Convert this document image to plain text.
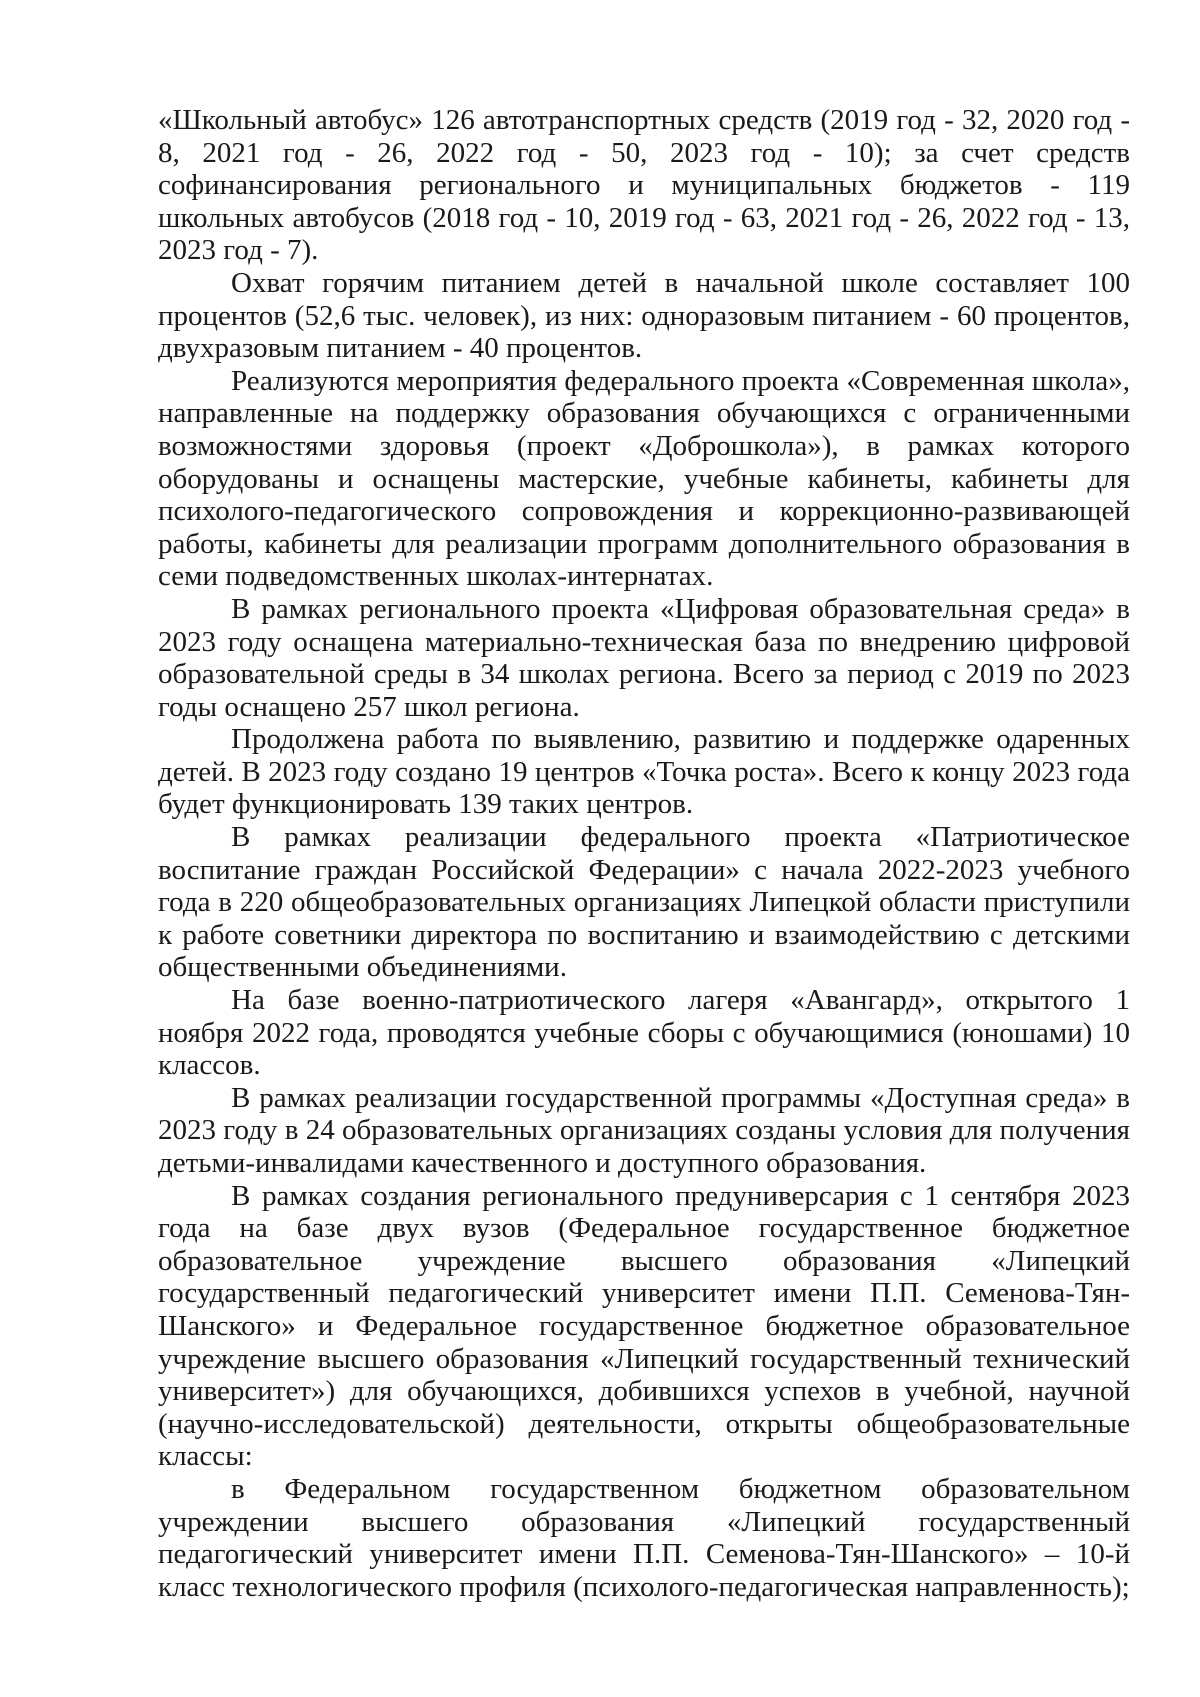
«Школьный автобус» 126 автотранспортных средств (2019 год - 32, 2020 год - 8, 2021 год - 26, 2022 год - 50, 2023 год - 10); за счет средств софинансирования регионального и муниципальных бюджетов - 119 школьных автобусов (2018 год - 10, 2019 год - 63, 2021 год - 26, 2022 год - 13, 2023 год - 7).

Охват горячим питанием детей в начальной школе составляет 100 процентов (52,6 тыс. человек), из них: одноразовым питанием - 60 процентов, двухразовым питанием - 40 процентов.

Реализуются мероприятия федерального проекта «Современная школа», направленные на поддержку образования обучающихся с ограниченными возможностями здоровья (проект «Доброшкола»), в рамках которого оборудованы и оснащены мастерские, учебные кабинеты, кабинеты для психолого-педагогического сопровождения и коррекционно-развивающей работы, кабинеты для реализации программ дополнительного образования в семи подведомственных школах-интернатах.

В рамках регионального проекта «Цифровая образовательная среда» в 2023 году оснащена материально-техническая база по внедрению цифровой образовательной среды в 34 школах региона. Всего за период с 2019 по 2023 годы оснащено 257 школ региона.

Продолжена работа по выявлению, развитию и поддержке одаренных детей. В 2023 году создано 19 центров «Точка роста». Всего к концу 2023 года будет функционировать 139 таких центров.

В рамках реализации федерального проекта «Патриотическое воспитание граждан Российской Федерации» с начала 2022-2023 учебного года в 220 общеобразовательных организациях Липецкой области приступили к работе советники директора по воспитанию и взаимодействию с детскими общественными объединениями.

На базе военно-патриотического лагеря «Авангард», открытого 1 ноября 2022 года, проводятся учебные сборы с обучающимися (юношами) 10 классов.

В рамках реализации государственной программы «Доступная среда» в 2023 году в 24 образовательных организациях созданы условия для получения детьми-инвалидами качественного и доступного образования.

В рамках создания регионального предуниверсария с 1 сентября 2023 года на базе двух вузов (Федеральное государственное бюджетное образовательное учреждение высшего образования «Липецкий государственный педагогический университет имени П.П. Семенова-Тян-Шанского» и Федеральное государственное бюджетное образовательное учреждение высшего образования «Липецкий государственный технический университет») для обучающихся, добившихся успехов в учебной, научной (научно-исследовательской) деятельности, открыты общеобразовательные классы:

в Федеральном государственном бюджетном образовательном учреждении высшего образования «Липецкий государственный педагогический университет имени П.П. Семенова-Тян-Шанского» – 10-й класс технологического профиля (психолого-педагогическая направленность);
